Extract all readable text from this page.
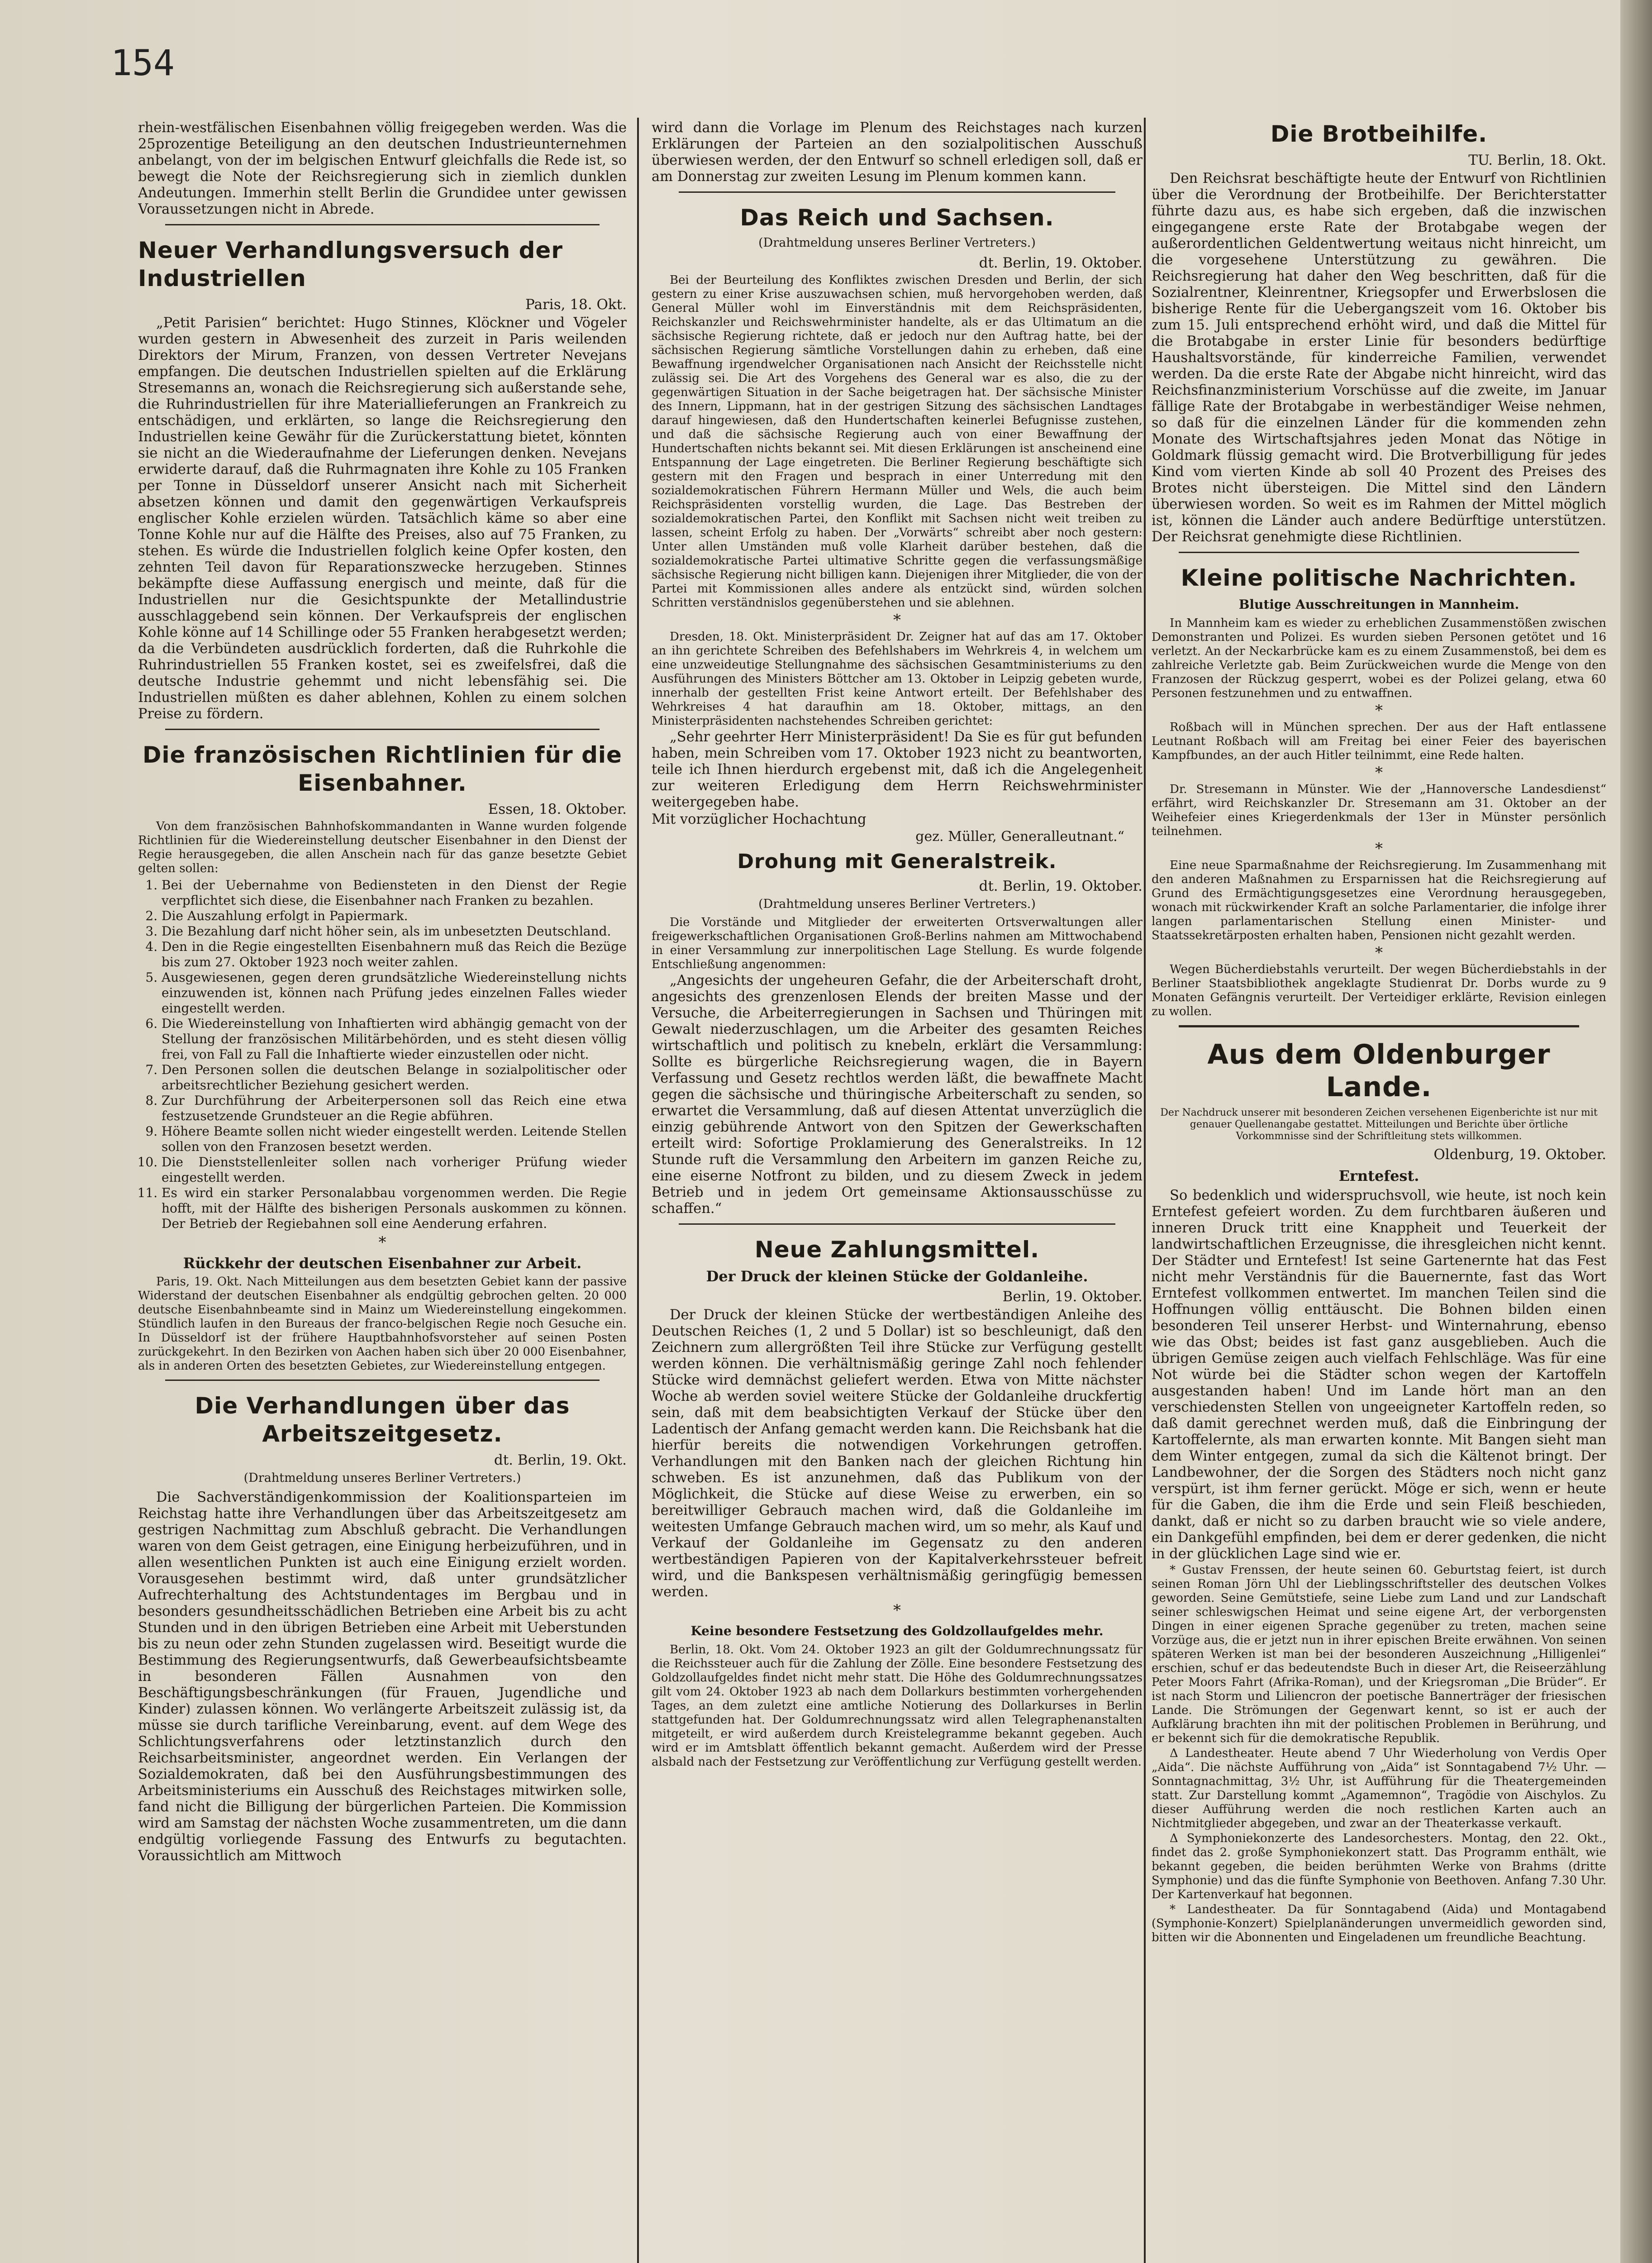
154

rhein-westfälischen Eisenbahnen völlig freigegeben werden. Was die 25prozentige Beteiligung an den deutschen Industrieunternehmen anbelangt, von der im belgischen Entwurf gleichfalls die Rede ist, so bewegt die Note der Reichsregierung sich in ziemlich dunklen Andeutungen. Immerhin stellt Berlin die Grundidee unter gewissen Voraussetzungen nicht in Abrede.

Neuer Verhandlungsversuch der Industriellen

Paris, 18. Okt.

„Petit Parisien“ berichtet: Hugo Stinnes, Klöckner und Vögeler wurden gestern in Abwesenheit des zurzeit in Paris weilenden Direktors der Mirum, Franzen, von dessen Vertreter Nevejans empfangen. Die deutschen Industriellen spielten auf die Erklärung Stresemanns an, wonach die Reichsregierung sich außerstande sehe, die Ruhrindustriellen für ihre Materiallieferungen an Frankreich zu entschädigen, und erklärten, so lange die Reichsregierung den Industriellen keine Gewähr für die Zurückerstattung bietet, könnten sie nicht an die Wiederaufnahme der Lieferungen denken. Nevejans erwiderte darauf, daß die Ruhrmagnaten ihre Kohle zu 105 Franken per Tonne in Düsseldorf unserer Ansicht nach mit Sicherheit absetzen können und damit den gegenwärtigen Verkaufspreis englischer Kohle erzielen würden. Tatsächlich käme so aber eine Tonne Kohle nur auf die Hälfte des Preises, also auf 75 Franken, zu stehen. Es würde die Industriellen folglich keine Opfer kosten, den zehnten Teil davon für Reparationszwecke herzugeben. Stinnes bekämpfte diese Auffassung energisch und meinte, daß für die Industriellen nur die Gesichtspunkte der Metallindustrie ausschlaggebend sein können. Der Verkaufspreis der englischen Kohle könne auf 14 Schillinge oder 55 Franken herabgesetzt werden; da die Verbündeten ausdrücklich forderten, daß die Ruhrkohle die Ruhrindustriellen 55 Franken kostet, sei es zweifelsfrei, daß die deutsche Industrie gehemmt und nicht lebensfähig sei. Die Industriellen müßten es daher ablehnen, Kohlen zu einem solchen Preise zu fördern.

Die französischen Richtlinien für die Eisenbahner.

Essen, 18. Oktober.

Von dem französischen Bahnhofskommandanten in Wanne wurden folgende Richtlinien für die Wiedereinstellung deutscher Eisenbahner in den Dienst der Regie herausgegeben, die allen Anschein nach für das ganze besetzte Gebiet gelten sollen:

1. Bei der Uebernahme von Bediensteten in den Dienst der Regie verpflichtet sich diese, die Eisenbahner nach Franken zu bezahlen.
2. Die Auszahlung erfolgt in Papiermark.
3. Die Bezahlung darf nicht höher sein, als im unbesetzten Deutschland.
4. Den in die Regie eingestellten Eisenbahnern muß das Reich die Bezüge bis zum 27. Oktober 1923 noch weiter zahlen.
5. Ausgewiesenen, gegen deren grundsätzliche Wiedereinstellung nichts einzuwenden ist, können nach Prüfung jedes einzelnen Falles wieder eingestellt werden.
6. Die Wiedereinstellung von Inhaftierten wird abhängig gemacht von der Stellung der französischen Militärbehörden, und es steht diesen völlig frei, von Fall zu Fall die Inhaftierte wieder einzustellen oder nicht.
7. Den Personen sollen die deutschen Belange in sozialpolitischer oder arbeitsrechtlicher Beziehung gesichert werden.
8. Zur Durchführung der Arbeiterpersonen soll das Reich eine etwa festzusetzende Grundsteuer an die Regie abführen.
9. Höhere Beamte sollen nicht wieder eingestellt werden. Leitende Stellen sollen von den Franzosen besetzt werden.
10. Die Dienststellenleiter sollen nach vorheriger Prüfung wieder eingestellt werden.
11. Es wird ein starker Personalabbau vorgenommen werden. Die Regie hofft, mit der Hälfte des bisherigen Personals auskommen zu können. Der Betrieb der Regiebahnen soll eine Aenderung erfahren.
*

Rückkehr der deutschen Eisenbahner zur Arbeit.

Paris, 19. Okt. Nach Mitteilungen aus dem besetzten Gebiet kann der passive Widerstand der deutschen Eisenbahner als endgültig gebrochen gelten. 20 000 deutsche Eisenbahnbeamte sind in Mainz um Wiedereinstellung eingekommen. Stündlich laufen in den Bureaus der franco-belgischen Regie noch Gesuche ein. In Düsseldorf ist der frühere Hauptbahnhofsvorsteher auf seinen Posten zurückgekehrt. In den Bezirken von Aachen haben sich über 20 000 Eisenbahner, als in anderen Orten des besetzten Gebietes, zur Wiedereinstellung entgegen.

Die Verhandlungen über das Arbeitszeitgesetz.

dt. Berlin, 19. Okt.

(Drahtmeldung unseres Berliner Vertreters.)

Die Sachverständigenkommission der Koalitionsparteien im Reichstag hatte ihre Verhandlungen über das Arbeitszeitgesetz am gestrigen Nachmittag zum Abschluß gebracht. Die Verhandlungen waren von dem Geist getragen, eine Einigung herbeizuführen, und in allen wesentlichen Punkten ist auch eine Einigung erzielt worden. Vorausgesehen bestimmt wird, daß unter grundsätzlicher Aufrechterhaltung des Achtstundentages im Bergbau und in besonders gesundheitsschädlichen Betrieben eine Arbeit bis zu acht Stunden und in den übrigen Betrieben eine Arbeit mit Ueberstunden bis zu neun oder zehn Stunden zugelassen wird. Beseitigt wurde die Bestimmung des Regierungsentwurfs, daß Gewerbeaufsichtsbeamte in besonderen Fällen Ausnahmen von den Beschäftigungsbeschränkungen (für Frauen, Jugendliche und Kinder) zulassen können. Wo verlängerte Arbeitszeit zulässig ist, da müsse sie durch tarifliche Vereinbarung, event. auf dem Wege des Schlichtungsverfahrens oder letztinstanzlich durch den Reichsarbeitsminister, angeordnet werden. Ein Verlangen der Sozialdemokraten, daß bei den Ausführungsbestimmungen des Arbeitsministeriums ein Ausschuß des Reichstages mitwirken solle, fand nicht die Billigung der bürgerlichen Parteien. Die Kommission wird am Samstag der nächsten Woche zusammentreten, um die dann endgültig vorliegende Fassung des Entwurfs zu begutachten. Voraussichtlich am Mittwoch

wird dann die Vorlage im Plenum des Reichstages nach kurzen Erklärungen der Parteien an den sozialpolitischen Ausschuß überwiesen werden, der den Entwurf so schnell erledigen soll, daß er am Donnerstag zur zweiten Lesung im Plenum kommen kann.

Das Reich und Sachsen.

(Drahtmeldung unseres Berliner Vertreters.)

dt. Berlin, 19. Oktober.

Bei der Beurteilung des Konfliktes zwischen Dresden und Berlin, der sich gestern zu einer Krise auszuwachsen schien, muß hervorgehoben werden, daß General Müller wohl im Einverständnis mit dem Reichspräsidenten, Reichskanzler und Reichswehrminister handelte, als er das Ultimatum an die sächsische Regierung richtete, daß er jedoch nur den Auftrag hatte, bei der sächsischen Regierung sämtliche Vorstellungen dahin zu erheben, daß eine Bewaffnung irgendwelcher Organisationen nach Ansicht der Reichsstelle nicht zulässig sei. Die Art des Vorgehens des General war es also, die zu der gegenwärtigen Situation in der Sache beigetragen hat. Der sächsische Minister des Innern, Lippmann, hat in der gestrigen Sitzung des sächsischen Landtages darauf hingewiesen, daß den Hundertschaften keinerlei Befugnisse zustehen, und daß die sächsische Regierung auch von einer Bewaffnung der Hundertschaften nichts bekannt sei. Mit diesen Erklärungen ist anscheinend eine Entspannung der Lage eingetreten. Die Berliner Regierung beschäftigte sich gestern mit den Fragen und besprach in einer Unterredung mit den sozialdemokratischen Führern Hermann Müller und Wels, die auch beim Reichspräsidenten vorstellig wurden, die Lage. Das Bestreben der sozialdemokratischen Partei, den Konflikt mit Sachsen nicht weit treiben zu lassen, scheint Erfolg zu haben. Der „Vorwärts“ schreibt aber noch gestern: Unter allen Umständen muß volle Klarheit darüber bestehen, daß die sozialdemokratische Partei ultimative Schritte gegen die verfassungsmäßige sächsische Regierung nicht billigen kann. Diejenigen ihrer Mitglieder, die von der Partei mit Kommissionen alles andere als entzückt sind, würden solchen Schritten verständnislos gegenüberstehen und sie ablehnen.

*

Dresden, 18. Okt. Ministerpräsident Dr. Zeigner hat auf das am 17. Oktober an ihn gerichtete Schreiben des Befehlshabers im Wehrkreis 4, in welchem um eine unzweideutige Stellungnahme des sächsischen Gesamtministeriums zu den Ausführungen des Ministers Böttcher am 13. Oktober in Leipzig gebeten wurde, innerhalb der gestellten Frist keine Antwort erteilt. Der Befehlshaber des Wehrkreises 4 hat daraufhin am 18. Oktober, mittags, an den Ministerpräsidenten nachstehendes Schreiben gerichtet:

„Sehr geehrter Herr Ministerpräsident! Da Sie es für gut befunden haben, mein Schreiben vom 17. Oktober 1923 nicht zu beantworten, teile ich Ihnen hierdurch ergebenst mit, daß ich die Angelegenheit zur weiteren Erledigung dem Herrn Reichswehrminister weitergegeben habe.

Mit vorzüglicher Hochachtung

gez. Müller, Generalleutnant.“
Drohung mit Generalstreik.

dt. Berlin, 19. Oktober.

(Drahtmeldung unseres Berliner Vertreters.)

Die Vorstände und Mitglieder der erweiterten Ortsverwaltungen aller freigewerkschaftlichen Organisationen Groß-Berlins nahmen am Mittwochabend in einer Versammlung zur innerpolitischen Lage Stellung. Es wurde folgende Entschließung angenommen:

„Angesichts der ungeheuren Gefahr, die der Arbeiterschaft droht, angesichts des grenzenlosen Elends der breiten Masse und der Versuche, die Arbeiterregierungen in Sachsen und Thüringen mit Gewalt niederzuschlagen, um die Arbeiter des gesamten Reiches wirtschaftlich und politisch zu knebeln, erklärt die Versammlung: Sollte es bürgerliche Reichsregierung wagen, die in Bayern Verfassung und Gesetz rechtlos werden läßt, die bewaffnete Macht gegen die sächsische und thüringische Arbeiterschaft zu senden, so erwartet die Versammlung, daß auf diesen Attentat unverzüglich die einzig gebührende Antwort von den Spitzen der Gewerkschaften erteilt wird: Sofortige Proklamierung des Generalstreiks. In 12 Stunde ruft die Versammlung den Arbeitern im ganzen Reiche zu, eine eiserne Notfront zu bilden, und zu diesem Zweck in jedem Betrieb und in jedem Ort gemeinsame Aktionsausschüsse zu schaffen.“

Neue Zahlungsmittel.

Der Druck der kleinen Stücke der Goldanleihe.

Berlin, 19. Oktober.

Der Druck der kleinen Stücke der wertbeständigen Anleihe des Deutschen Reiches (1, 2 und 5 Dollar) ist so beschleunigt, daß den Zeichnern zum allergrößten Teil ihre Stücke zur Verfügung gestellt werden können. Die verhältnismäßig geringe Zahl noch fehlender Stücke wird demnächst geliefert werden. Etwa von Mitte nächster Woche ab werden soviel weitere Stücke der Goldanleihe druckfertig sein, daß mit dem beabsichtigten Verkauf der Stücke über den Ladentisch der Anfang gemacht werden kann. Die Reichsbank hat die hierfür bereits die notwendigen Vorkehrungen getroffen. Verhandlungen mit den Banken nach der gleichen Richtung hin schweben. Es ist anzunehmen, daß das Publikum von der Möglichkeit, die Stücke auf diese Weise zu erwerben, ein so bereitwilliger Gebrauch machen wird, daß die Goldanleihe im weitesten Umfange Gebrauch machen wird, um so mehr, als Kauf und Verkauf der Goldanleihe im Gegensatz zu den anderen wertbeständigen Papieren von der Kapitalverkehrssteuer befreit wird, und die Bankspesen verhältnismäßig geringfügig bemessen werden.

*

Keine besondere Festsetzung des Goldzollaufgeldes mehr.

Berlin, 18. Okt. Vom 24. Oktober 1923 an gilt der Goldumrechnungssatz für die Reichssteuer auch für die Zahlung der Zölle. Eine besondere Festsetzung des Goldzollaufgeldes findet nicht mehr statt. Die Höhe des Goldumrechnungssatzes gilt vom 24. Oktober 1923 ab nach dem Dollarkurs bestimmten vorhergehenden Tages, an dem zuletzt eine amtliche Notierung des Dollarkurses in Berlin stattgefunden hat. Der Goldumrechnungssatz wird allen Telegraphenanstalten mitgeteilt, er wird außerdem durch Kreistelegramme bekannt gegeben. Auch wird er im Amtsblatt öffentlich bekannt gemacht. Außerdem wird der Presse alsbald nach der Festsetzung zur Veröffentlichung zur Verfügung gestellt werden.

Die Brotbeihilfe.

TU. Berlin, 18. Okt.

Den Reichsrat beschäftigte heute der Entwurf von Richtlinien über die Verordnung der Brotbeihilfe. Der Berichterstatter führte dazu aus, es habe sich ergeben, daß die inzwischen eingegangene erste Rate der Brotabgabe wegen der außerordentlichen Geldentwertung weitaus nicht hinreicht, um die vorgesehene Unterstützung zu gewähren. Die Reichsregierung hat daher den Weg beschritten, daß für die Sozialrentner, Kleinrentner, Kriegsopfer und Erwerbslosen die bisherige Rente für die Uebergangszeit vom 16. Oktober bis zum 15. Juli entsprechend erhöht wird, und daß die Mittel für die Brotabgabe in erster Linie für besonders bedürftige Haushaltsvorstände, für kinderreiche Familien, verwendet werden. Da die erste Rate der Abgabe nicht hinreicht, wird das Reichsfinanzministerium Vorschüsse auf die zweite, im Januar fällige Rate der Brotabgabe in werbeständiger Weise nehmen, so daß für die einzelnen Länder für die kommenden zehn Monate des Wirtschaftsjahres jeden Monat das Nötige in Goldmark flüssig gemacht wird. Die Brotverbilligung für jedes Kind vom vierten Kinde ab soll 40 Prozent des Preises des Brotes nicht übersteigen. Die Mittel sind den Ländern überwiesen worden. So weit es im Rahmen der Mittel möglich ist, können die Länder auch andere Bedürftige unterstützen. Der Reichsrat genehmigte diese Richtlinien.

Kleine politische Nachrichten.

Blutige Ausschreitungen in Mannheim.

In Mannheim kam es wieder zu erheblichen Zusammenstößen zwischen Demonstranten und Polizei. Es wurden sieben Personen getötet und 16 verletzt. An der Neckarbrücke kam es zu einem Zusammenstoß, bei dem es zahlreiche Verletzte gab. Beim Zurückweichen wurde die Menge von den Franzosen der Rückzug gesperrt, wobei es der Polizei gelang, etwa 60 Personen festzunehmen und zu entwaffnen.

*

Roßbach will in München sprechen. Der aus der Haft entlassene Leutnant Roßbach will am Freitag bei einer Feier des bayerischen Kampfbundes, an der auch Hitler teilnimmt, eine Rede halten.

*

Dr. Stresemann in Münster. Wie der „Hannoversche Landesdienst“ erfährt, wird Reichskanzler Dr. Stresemann am 31. Oktober an der Weihefeier eines Kriegerdenkmals der 13er in Münster persönlich teilnehmen.

*

Eine neue Sparmaßnahme der Reichsregierung. Im Zusammenhang mit den anderen Maßnahmen zu Ersparnissen hat die Reichsregierung auf Grund des Ermächtigungsgesetzes eine Verordnung herausgegeben, wonach mit rückwirkender Kraft an solche Parlamentarier, die infolge ihrer langen parlamentarischen Stellung einen Minister- und Staatssekretärposten erhalten haben, Pensionen nicht gezahlt werden.

*

Wegen Bücherdiebstahls verurteilt. Der wegen Bücherdiebstahls in der Berliner Staatsbibliothek angeklagte Studienrat Dr. Dorbs wurde zu 9 Monaten Gefängnis verurteilt. Der Verteidiger erklärte, Revision einlegen zu wollen.

Aus dem Oldenburger Lande.

Der Nachdruck unserer mit besonderen Zeichen versehenen Eigenberichte ist nur mit genauer Quellenangabe gestattet. Mitteilungen und Berichte über örtliche Vorkommnisse sind der Schriftleitung stets willkommen.

Oldenburg, 19. Oktober.

Erntefest.

So bedenklich und widerspruchsvoll, wie heute, ist noch kein Erntefest gefeiert worden. Zu dem furchtbaren äußeren und inneren Druck tritt eine Knappheit und Teuerkeit der landwirtschaftlichen Erzeugnisse, die ihresgleichen nicht kennt. Der Städter und Erntefest! Ist seine Gartenernte hat das Fest nicht mehr Verständnis für die Bauernernte, fast das Wort Erntefest vollkommen entwertet. Im manchen Teilen sind die Hoffnungen völlig enttäuscht. Die Bohnen bilden einen besonderen Teil unserer Herbst- und Winternahrung, ebenso wie das Obst; beides ist fast ganz ausgeblieben. Auch die übrigen Gemüse zeigen auch vielfach Fehlschläge. Was für eine Not würde bei die Städter schon wegen der Kartoffeln ausgestanden haben! Und im Lande hört man an den verschiedensten Stellen von ungeeigneter Kartoffeln reden, so daß damit gerechnet werden muß, daß die Einbringung der Kartoffelernte, als man erwarten konnte. Mit Bangen sieht man dem Winter entgegen, zumal da sich die Kältenot bringt. Der Landbewohner, der die Sorgen des Städters noch nicht ganz verspürt, ist ihm ferner gerückt. Möge er sich, wenn er heute für die Gaben, die ihm die Erde und sein Fleiß beschieden, dankt, daß er nicht so zu darben braucht wie so viele andere, ein Dankgefühl empfinden, bei dem er derer gedenken, die nicht in der glücklichen Lage sind wie er.

* Gustav Frenssen, der heute seinen 60. Geburtstag feiert, ist durch seinen Roman Jörn Uhl der Lieblingsschriftsteller des deutschen Volkes geworden. Seine Gemütstiefe, seine Liebe zum Land und zur Landschaft seiner schleswigschen Heimat und seine eigene Art, der verborgensten Dingen in einer eigenen Sprache gegenüber zu treten, machen seine Vorzüge aus, die er jetzt nun in ihrer epischen Breite erwähnen. Von seinen späteren Werken ist man bei der besonderen Auszeichnung „Hilligenlei“ erschien, schuf er das bedeutendste Buch in dieser Art, die Reiseerzählung Peter Moors Fahrt (Afrika-Roman), und der Kriegsroman „Die Brüder“. Er ist nach Storm und Liliencron der poetische Bannerträger der friesischen Lande. Die Strömungen der Gegenwart kennt, so ist er auch der Aufklärung brachten ihn mit der politischen Problemen in Berührung, und er bekennt sich für die demokratische Republik.

Δ Landestheater. Heute abend 7 Uhr Wiederholung von Verdis Oper „Aida“. Die nächste Aufführung von „Aida“ ist Sonntagabend 7½ Uhr. — Sonntagnachmittag, 3½ Uhr, ist Aufführung für die Theatergemeinden statt. Zur Darstellung kommt „Agamemnon“, Tragödie von Aischylos. Zu dieser Aufführung werden die noch restlichen Karten auch an Nichtmitglieder abgegeben, und zwar an der Theaterkasse verkauft.

Δ Symphoniekonzerte des Landesorchesters. Montag, den 22. Okt., findet das 2. große Symphoniekonzert statt. Das Programm enthält, wie bekannt gegeben, die beiden berühmten Werke von Brahms (dritte Symphonie) und das die fünfte Symphonie von Beethoven. Anfang 7.30 Uhr. Der Kartenverkauf hat begonnen.

* Landestheater. Da für Sonntagabend (Aida) und Montagabend (Symphonie-Konzert) Spielplanänderungen unvermeidlich geworden sind, bitten wir die Abonnenten und Eingeladenen um freundliche Beachtung.
